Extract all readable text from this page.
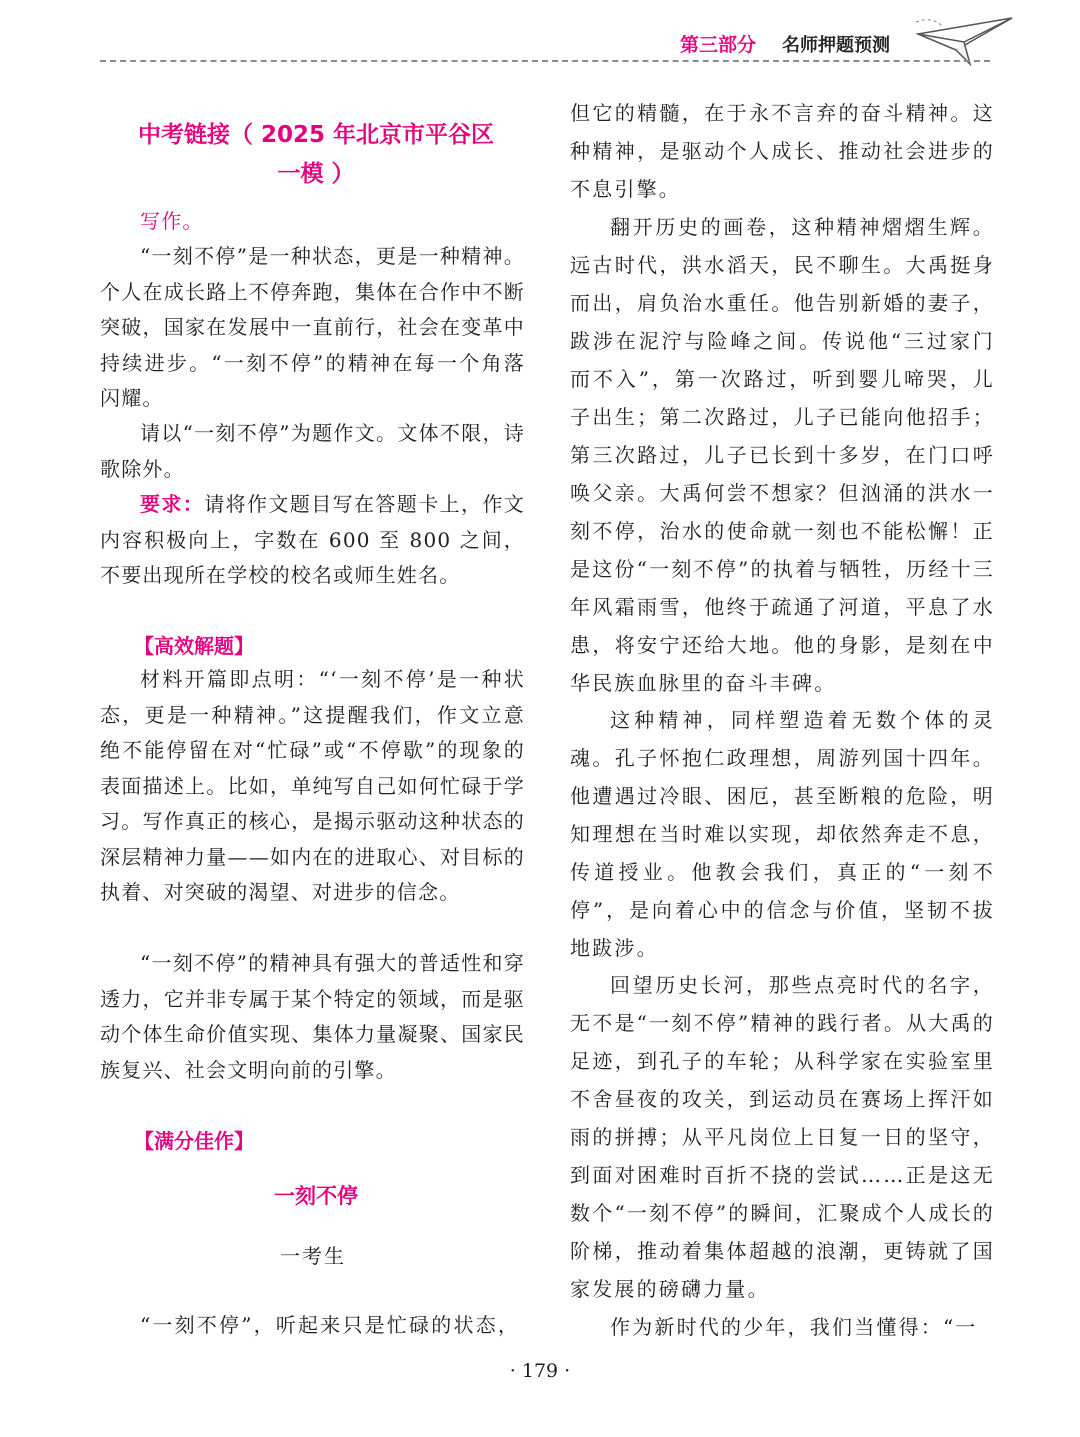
第三部分 名师押题预测
中考链接（ 2025 年北京市平谷区
一模 ）
写作。

“一刻不停”是一种状态，更是一种精神。个人在成长路上不停奔跑，集体在合作中不断突破，国家在发展中一直前行，社会在变革中持续进步。“一刻不停”的精神在每一个角落闪耀。

请以“一刻不停”为题作文。文体不限，诗歌除外。

要求：请将作文题目写在答题卡上，作文内容积极向上，字数在 600 至 800 之间，不要出现所在学校的校名或师生姓名。

【高效解题】

材料开篇即点明：“‘一刻不停’是一种状态，更是一种精神。”这提醒我们，作文立意绝不能停留在对“忙碌”或“不停歇”的现象的表面描述上。比如，单纯写自己如何忙碌于学习。写作真正的核心，是揭示驱动这种状态的深层精神力量——如内在的进取心、对目标的执着、对突破的渴望、对进步的信念。

“一刻不停”的精神具有强大的普适性和穿透力，它并非专属于某个特定的领域，而是驱动个体生命价值实现、集体力量凝聚、国家民族复兴、社会文明向前的引擎。

【满分佳作】
一刻不停
一考生

“一刻不停”，听起来只是忙碌的状态，

但它的精髓，在于永不言弃的奋斗精神。这种精神，是驱动个人成长、推动社会进步的不息引擎。

翻开历史的画卷，这种精神熠熠生辉。远古时代，洪水滔天，民不聊生。大禹挺身而出，肩负治水重任。他告别新婚的妻子，跋涉在泥泞与险峰之间。传说他“三过家门而不入”，第一次路过，听到婴儿啼哭，儿子出生；第二次路过，儿子已能向他招手；第三次路过，儿子已长到十多岁，在门口呼唤父亲。大禹何尝不想家？但汹涌的洪水一刻不停，治水的使命就一刻也不能松懈！正是这份“一刻不停”的执着与牺牲，历经十三年风霜雨雪，他终于疏通了河道，平息了水患，将安宁还给大地。他的身影，是刻在中华民族血脉里的奋斗丰碑。

这种精神，同样塑造着无数个体的灵魂。孔子怀抱仁政理想，周游列国十四年。他遭遇过冷眼、困厄，甚至断粮的危险，明知理想在当时难以实现，却依然奔走不息，传道授业。他教会我们，真正的“一刻不停”，是向着心中的信念与价值，坚韧不拔地跋涉。

回望历史长河，那些点亮时代的名字，无不是“一刻不停”精神的践行者。从大禹的足迹，到孔子的车轮；从科学家在实验室里不舍昼夜的攻关，到运动员在赛场上挥汗如雨的拼搏；从平凡岗位上日复一日的坚守，到面对困难时百折不挠的尝试……正是这无数个“一刻不停”的瞬间，汇聚成个人成长的阶梯，推动着集体超越的浪潮，更铸就了国家发展的磅礴力量。

作为新时代的少年，我们当懂得：“一

· 179 ·
